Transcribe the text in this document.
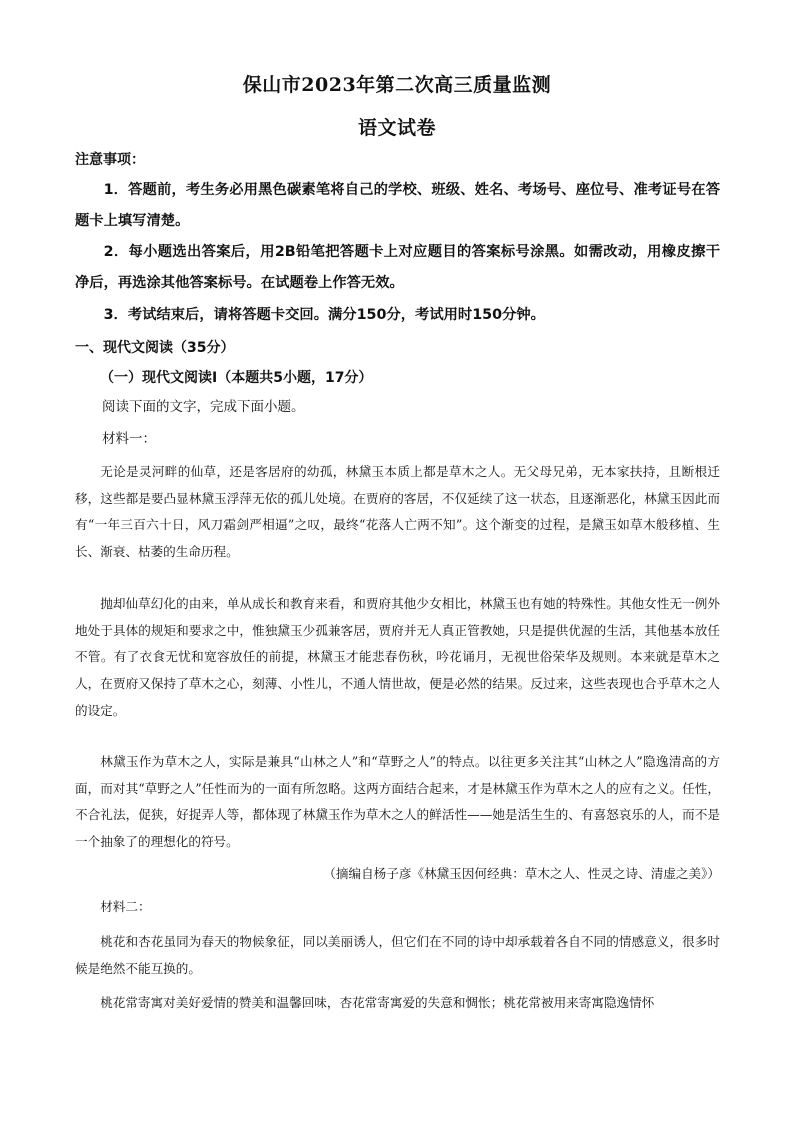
保山市2023年第二次高三质量监测
语文试卷

注意事项：

1．答题前，考生务必用黑色碳素笔将自己的学校、班级、姓名、考场号、座位号、准考证号在答题卡上填写清楚。

2．每小题选出答案后，用2B铅笔把答题卡上对应题目的答案标号涂黑。如需改动，用橡皮擦干净后，再选涂其他答案标号。在试题卷上作答无效。

3．考试结束后，请将答题卡交回。满分150分，考试用时150分钟。

一、现代文阅读（35分）

（一）现代文阅读Ⅰ（本题共5小题，17分）

阅读下面的文字，完成下面小题。

材料一：

无论是灵河畔的仙草，还是客居府的幼孤，林黛玉本质上都是草木之人。无父母兄弟，无本家扶持，且断根迁移，这些都是要凸显林黛玉浮萍无依的孤儿处境。在贾府的客居，不仅延续了这一状态，且逐渐恶化，林黛玉因此而有“一年三百六十日，风刀霜剑严相逼”之叹，最终“花落人亡两不知”。这个渐变的过程，是黛玉如草木般移植、生长、渐衰、枯萎的生命历程。

抛却仙草幻化的由来，单从成长和教育来看，和贾府其他少女相比，林黛玉也有她的特殊性。其他女性无一例外地处于具体的规矩和要求之中，惟独黛玉少孤兼客居，贾府并无人真正管教她，只是提供优渥的生活，其他基本放任不管。有了衣食无忧和宽容放任的前提，林黛玉才能悲春伤秋，吟花诵月，无视世俗荣华及规则。本来就是草木之人，在贾府又保持了草木之心，刻薄、小性儿，不通人情世故，便是必然的结果。反过来，这些表现也合乎草木之人的设定。

林黛玉作为草木之人，实际是兼具“山林之人”和“草野之人”的特点。以往更多关注其“山林之人”隐逸清高的方面，而对其“草野之人”任性而为的一面有所忽略。这两方面结合起来，才是林黛玉作为草木之人的应有之义。任性，不合礼法，促狭，好捉弄人等，都体现了林黛玉作为草木之人的鲜活性——她是活生生的、有喜怒哀乐的人，而不是一个抽象了的理想化的符号。

（摘编自杨子彦《林黛玉因何经典：草木之人、性灵之诗、清虚之美》）

材料二：

桃花和杏花虽同为春天的物候象征，同以美丽诱人，但它们在不同的诗中却承载着各自不同的情感意义，很多时候是绝然不能互换的。

桃花常寄寓对美好爱情的赞美和温馨回味，杏花常寄寓爱的失意和惆怅；桃花常被用来寄寓隐逸情怀
